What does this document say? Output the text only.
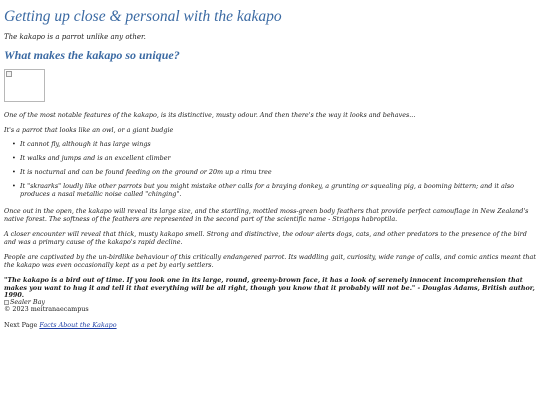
Getting up close & personal with the kakapo
The kakapo is a parrot unlike any other.
What makes the kakapo so unique?

One of the most notable features of the kakapo, is its distinctive, musty odour. And then there's the way it looks and behaves...

It's a parrot that looks like an owl, or a giant budgie

• It cannot fly, although it has large wings
• It walks and jumps and is an excellent climber
• It is nocturnal and can be found feeding on the ground or 20m up a rimu tree
• It "skraarks" loudly like other parrots but you might mistake other calls for a braying donkey, a grunting or squealing pig, a booming bittern; and it also produces a nasal metallic noise called "chinging".

Once out in the open, the kakapo will reveal its large size, and the startling, mottled moss-green body feathers that provide perfect camouflage in New Zealand's native forest. The softness of the feathers are represented in the second part of the scientific name - Strigops habroptila.

A closer encounter will reveal that thick, musty kakapo smell. Strong and distinctive, the odour alerts dogs, cats, and other predators to the presence of the bird and was a primary cause of the kakapo's rapid decline.

People are captivated by the un-birdlike behaviour of this critically endangered parrot. Its waddling gait, curiosity, wide range of calls, and comic antics meant that the kakapo was even occasionally kept as a pet by early settlers.

"The kakapo is a bird out of time. If you look one in its large, round, greeny-brown face, it has a look of serenely innocent incomprehension that makes you want to hug it and tell it that everything will be all right, though you know that it probably will not be." - Douglas Adams, British author, 1990.

Sealer Bay
© 2023 meitranaecampus
Next Page Facts About the Kakapo
